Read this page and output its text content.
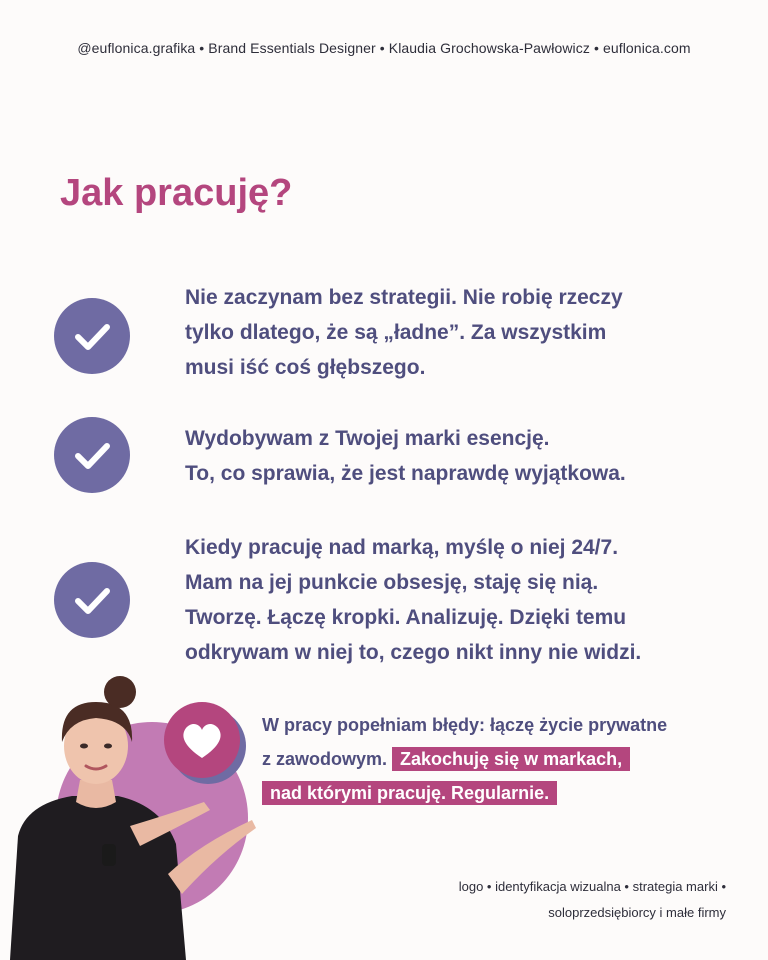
@euflonica.grafika • Brand Essentials Designer • Klaudia Grochowska-Pawłowicz • euflonica.com
Jak pracuję?

Nie zaczynam bez strategii. Nie robię rzeczy

tylko dlatego, że są „ładne”. Za wszystkim

musi iść coś głębszego.

Wydobywam z Twojej marki esencję.

To, co sprawia, że jest naprawdę wyjątkowa.

Kiedy pracuję nad marką, myślę o niej 24/7.

Mam na jej punkcie obsesję, staję się nią.

Tworzę. Łączę kropki. Analizuję. Dzięki temu

odkrywam w niej to, czego nikt inny nie widzi.

W pracy popełniam błędy: łączę życie prywatne
z zawodowym. Zakochuję się w markach,
nad którymi pracuję. Regularnie.
logo • identyfikacja wizualna • strategia marki •
soloprzedsiębiorcy i małe firmy
